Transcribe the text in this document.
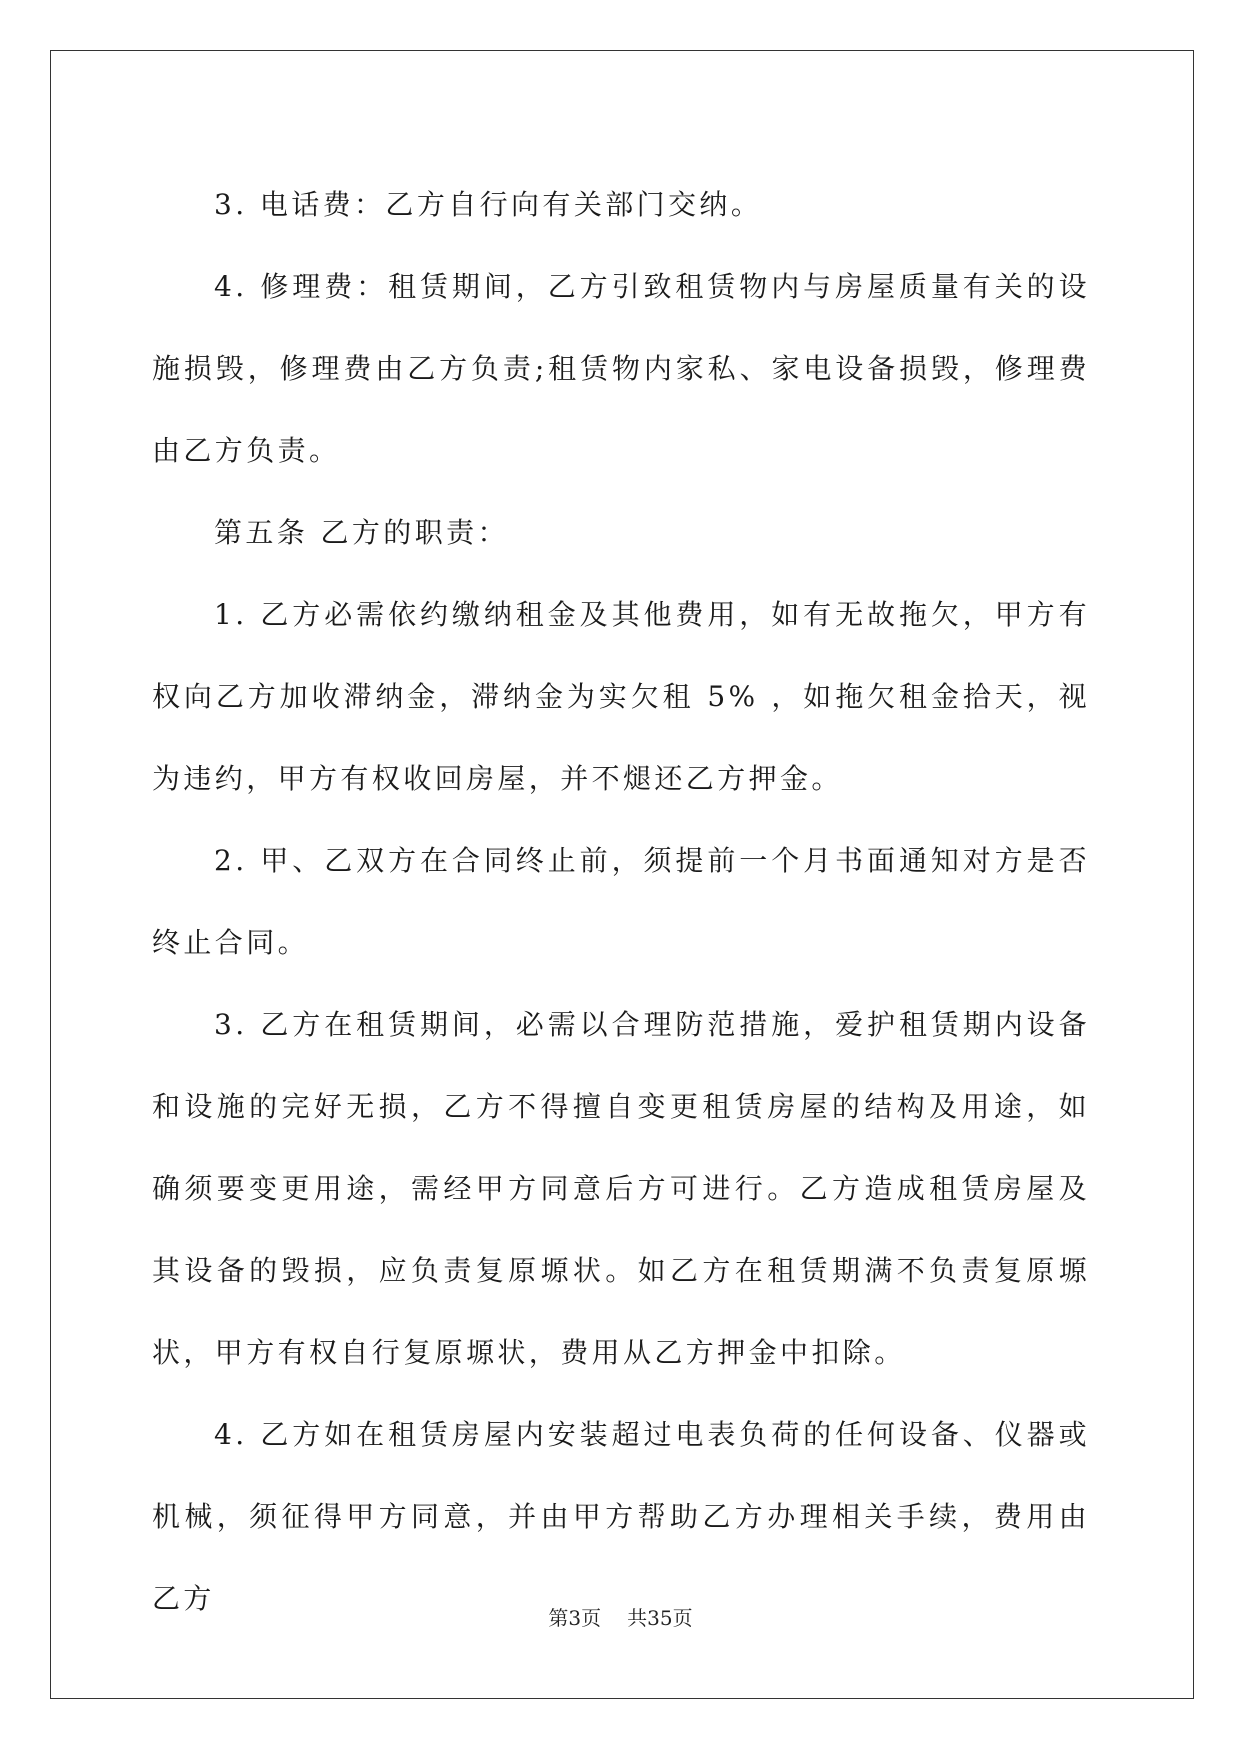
3. 电话费：乙方自行向有关部门交纳。

4. 修理费：租赁期间，乙方引致租赁物内与房屋质量有关的设施损毁，修理费由乙方负责;租赁物内家私、家电设备损毁，修理费由乙方负责。

第五条 乙方的职责：

1. 乙方必需依约缴纳租金及其他费用，如有无故拖欠，甲方有权向乙方加收滞纳金，滞纳金为实欠租 5% ，如拖欠租金拾天，视为违约，甲方有权收回房屋，并不煺还乙方押金。

2. 甲、乙双方在合同终止前，须提前一个月书面通知对方是否终止合同。

3. 乙方在租赁期间，必需以合理防范措施，爱护租赁期内设备和设施的完好无损，乙方不得擅自变更租赁房屋的结构及用途，如确须要变更用途，需经甲方同意后方可进行。乙方造成租赁房屋及其设备的毁损，应负责复原塬状。如乙方在租赁期满不负责复原塬状，甲方有权自行复原塬状，费用从乙方押金中扣除。

4. 乙方如在租赁房屋内安装超过电表负荷的任何设备、仪器或机械，须征得甲方同意，并由甲方帮助乙方办理相关手续，费用由乙方

第3页 共35页
